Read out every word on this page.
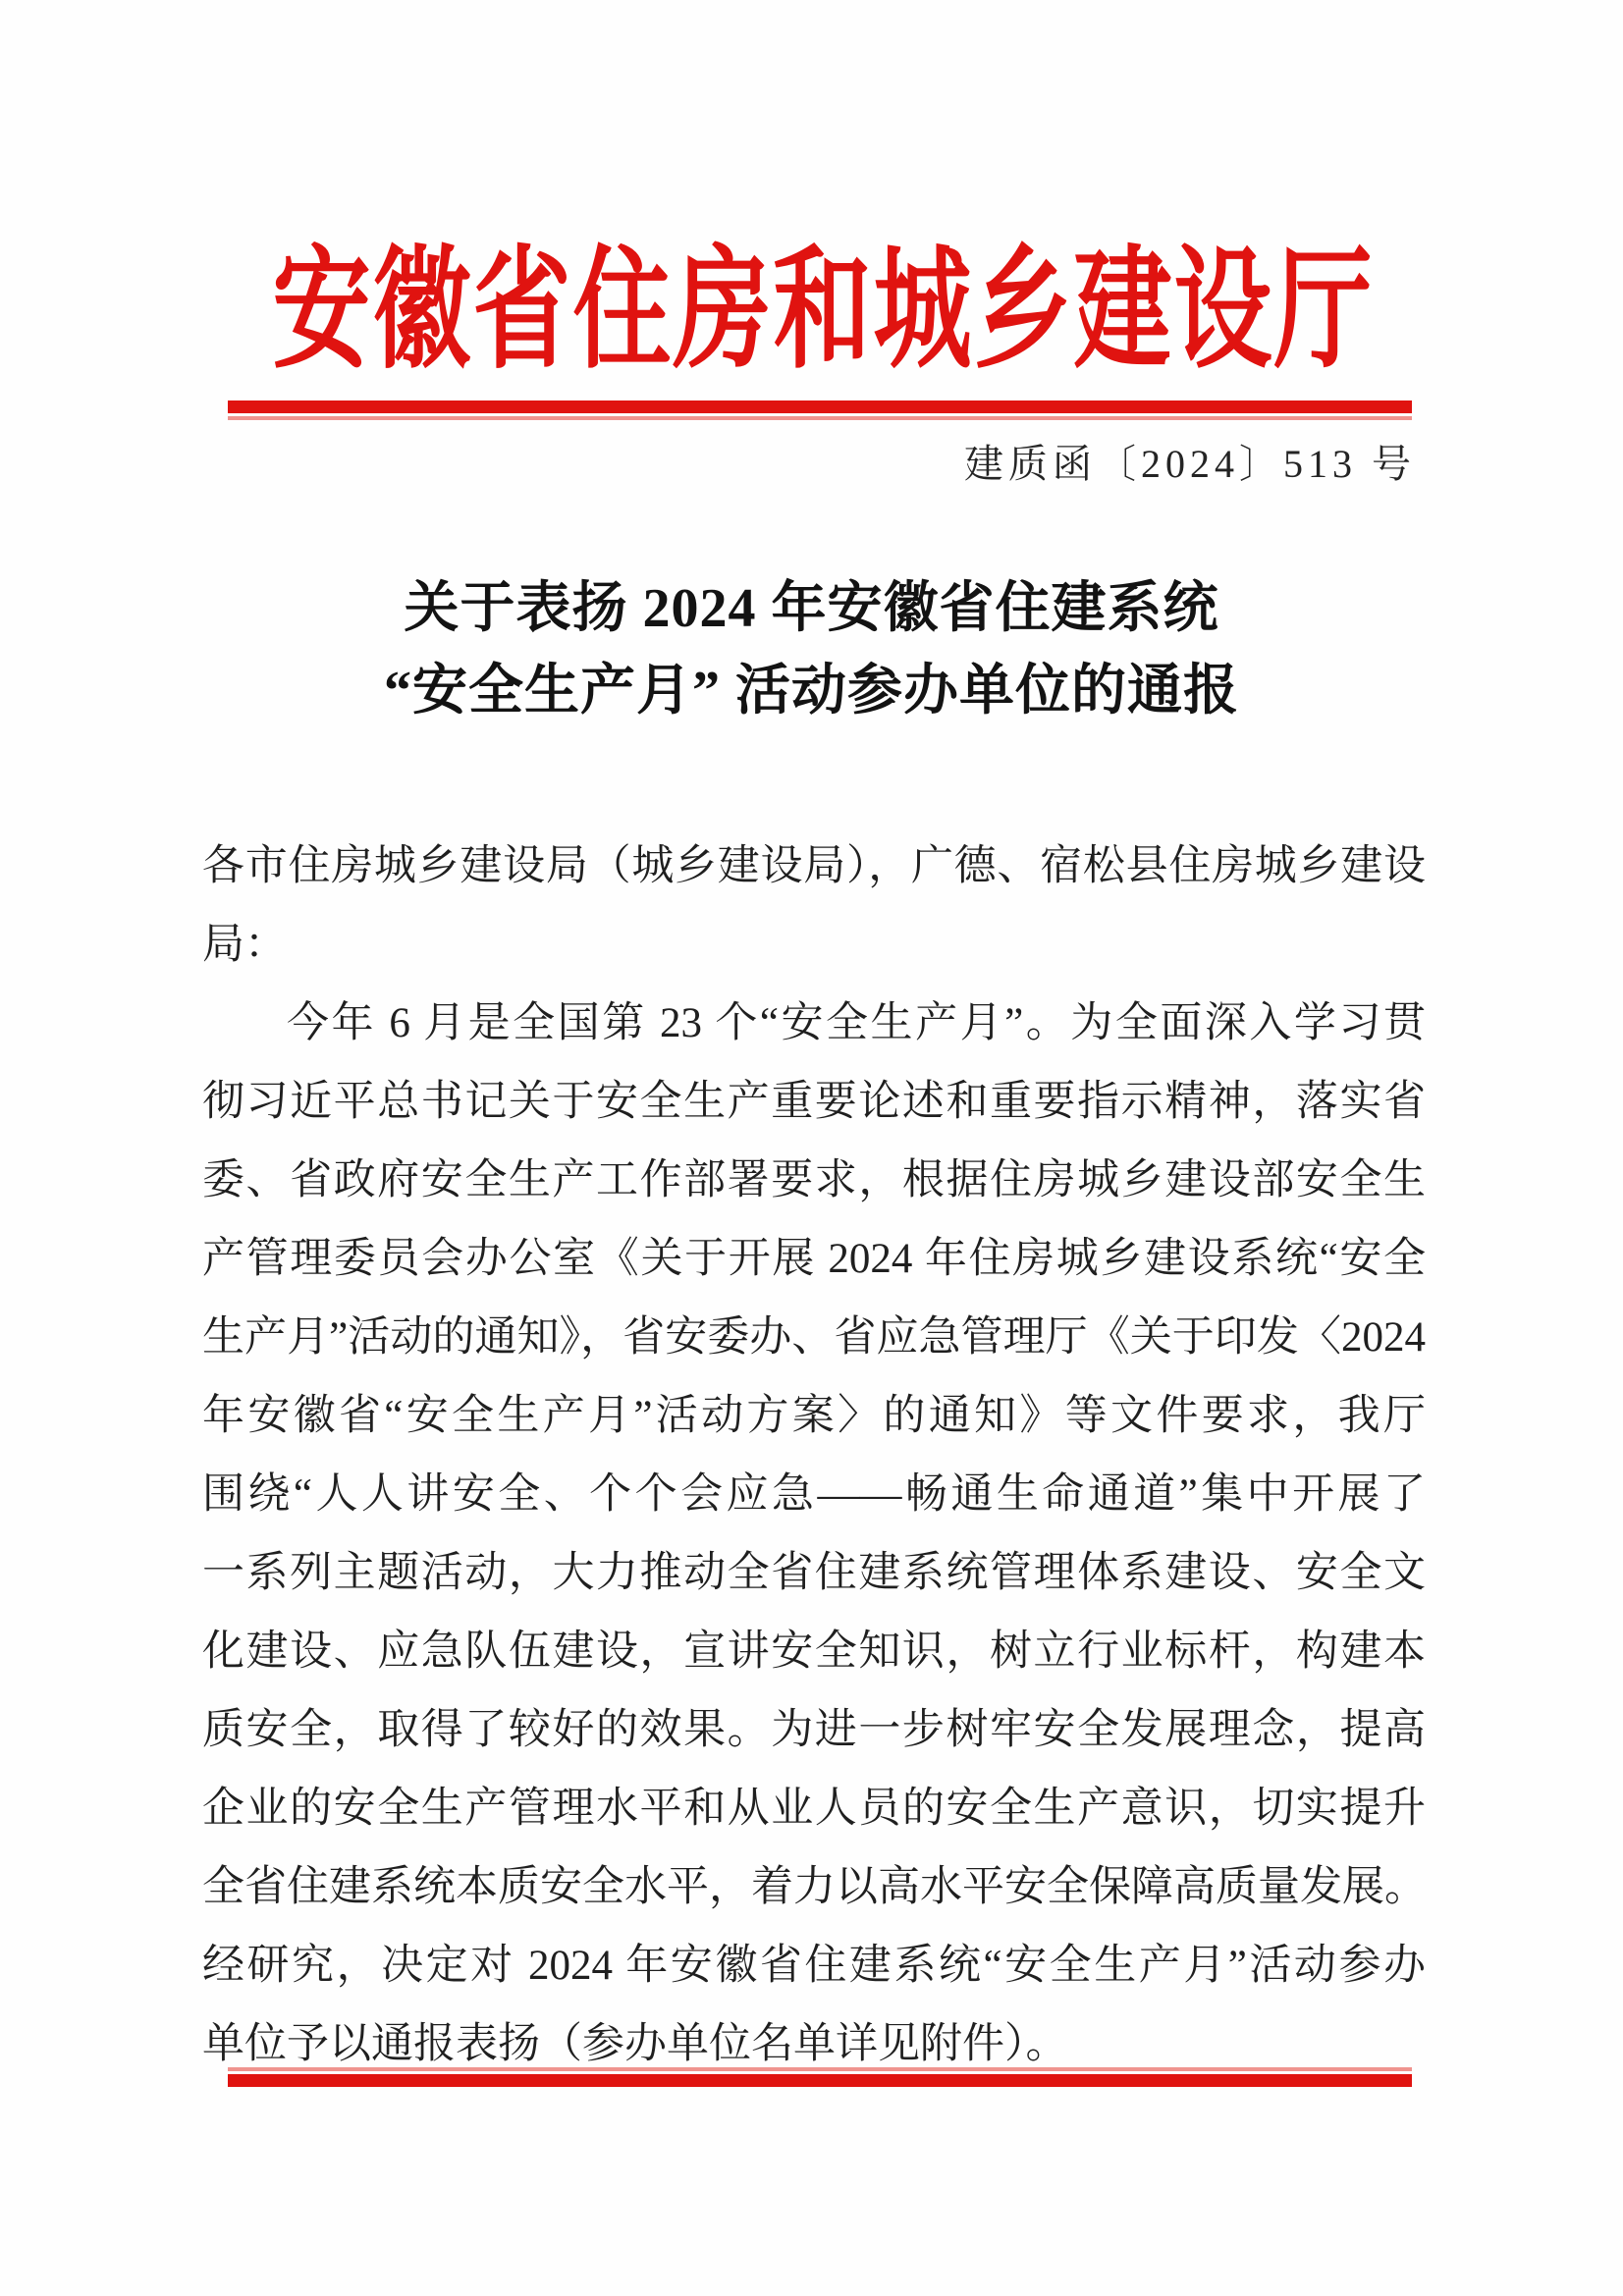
安徽省住房和城乡建设厅
建质函〔2024〕513 号
关于表扬 2024 年安徽省住建系统
“安全生产月” 活动参办单位的通报
各市住房城乡建设局（城乡建设局），广德、宿松县住房城乡建设
局：
今年 6 月是全国第 23 个“安全生产月”。为全面深入学习贯
彻习近平总书记关于安全生产重要论述和重要指示精神，落实省
委、省政府安全生产工作部署要求，根据住房城乡建设部安全生
产管理委员会办公室《关于开展 2024 年住房城乡建设系统“安全
生产月”活动的通知》，省安委办、省应急管理厅《关于印发〈2024
年安徽省“安全生产月”活动方案〉的通知》等文件要求，我厅
围绕“人人讲安全、个个会应急——畅通生命通道”集中开展了
一系列主题活动，大力推动全省住建系统管理体系建设、安全文
化建设、应急队伍建设，宣讲安全知识，树立行业标杆，构建本
质安全，取得了较好的效果。为进一步树牢安全发展理念，提高
企业的安全生产管理水平和从业人员的安全生产意识，切实提升
全省住建系统本质安全水平，着力以高水平安全保障高质量发展。
经研究，决定对 2024 年安徽省住建系统“安全生产月”活动参办
单位予以通报表扬（参办单位名单详见附件）。
